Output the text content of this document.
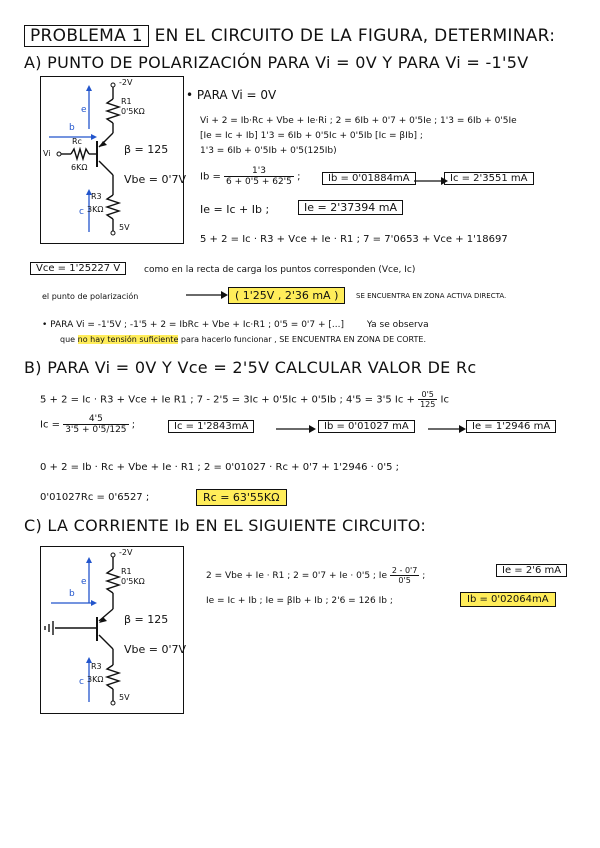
PROBLEMA 1 EN EL CIRCUITO DE LA FIGURA, DETERMINAR:
A) PUNTO DE POLARIZACIÓN PARA Vi = 0V Y PARA Vi = -1'5V
-2V
R1
0'5KΩ
Rc
6KΩ
Vi
R3
3KΩ
5V
e
b
c
β = 125
Vbe = 0'7V
• PARA Vi = 0V
Vi + 2 = Ib·Rc + Vbe + Ie·Ri ; 2 = 6Ib + 0'7 + 0'5Ie ; 1'3 = 6Ib + 0'5Ie
[Ie = Ic + Ib] 1'3 = 6Ib + 0'5Ic + 0'5Ib [Ic = βIb] ;
1'3 = 6Ib + 0'5Ib + 0'5(125Ib)
$Ib = \frac{1'3}{6 + 0'5 + 62'5}$ ;	Ib = 0'01884mA	Ic = 2'3551 mA
Ie = Ic + Ib ;	Ie = 2'37394 mA
5 + 2 = Ic · R3 + Vce + Ie · R1 ; 7 = 7'0653 + Vce + 1'18697
Vce = 1'25227 V	como en la recta de carga los puntos corresponden (Vce, Ic)
el punto de polarización	( 1'25V , 2'36 mA )	SE ENCUENTRA EN ZONA ACTIVA DIRECTA.
• PARA Vi = -1'5V ; -1'5 + 2 = IbRc + Vbe + Ic·R1 ; 0'5 = 0'7 + [...]	Ya se observa
que no hay tensión suficiente para hacerlo funcionar , SE ENCUENTRA EN ZONA DE CORTE.
B) PARA Vi = 0V Y Vce = 2'5V CALCULAR VALOR DE Rc
5 + 2 = Ic · R3 + Vce + Ie R1 ; 7 - 2'5 = 3Ic + 0'5Ic + 0'5Ib ; 4'5 = 3'5 $Ic + \frac{0'5}{125}$ Ic
$Ic = \frac{4'5}{3'5 + 0'5/125}$ ;	Ic = 1'2843mA	Ib = 0'01027 mA	Ie = 1'2946 mA
0 + 2 = Ib · Rc + Vbe + Ie · R1 ; 2 = 0'01027 · Rc + 0'7 + 1'2946 · 0'5 ;
0'01027Rc = 0'6527 ;	Rc = 63'55KΩ
C) LA CORRIENTE Ib EN EL SIGUIENTE CIRCUITO:
-2V
R1
0'5KΩ
R3
3KΩ
5V
e
b
c
β = 125
Vbe = 0'7V
2 = Vbe + Ie · R1 ; 2 = 0'7 + Ie · 0'5 ; Ie $\frac{2 - 0'7}{0'5}$ ;	Ie = 2'6 mA
Ie = Ic + Ib ; Ie = βIb + Ib ; 2'6 = 126 Ib ;	Ib = 0'02064mA
